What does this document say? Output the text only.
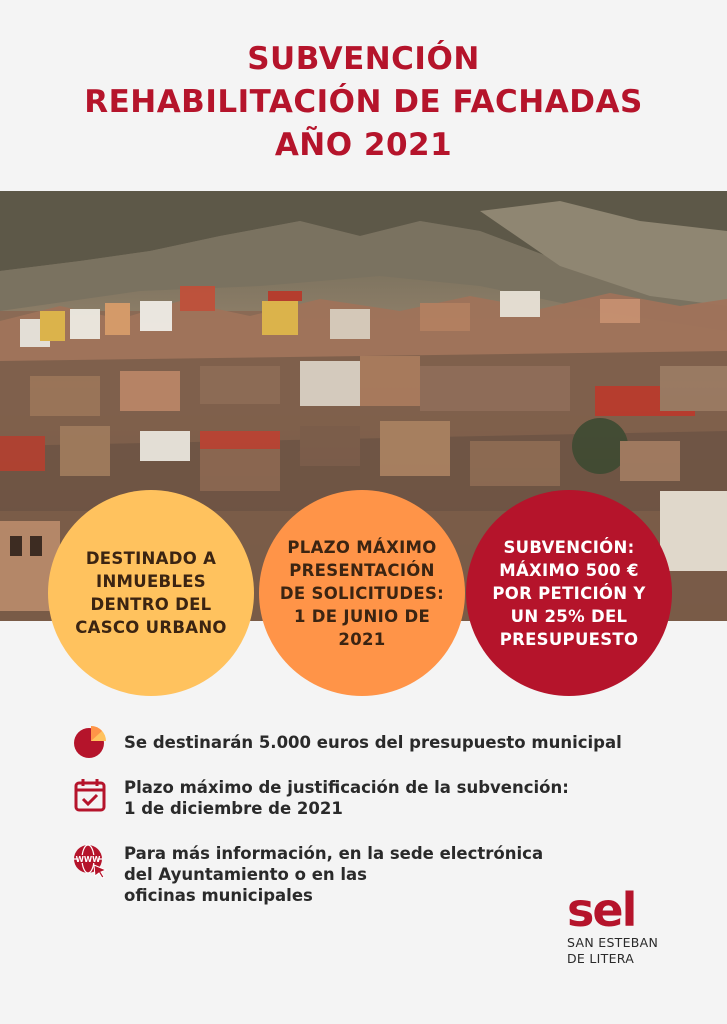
SUBVENCIÓN
REHABILITACIÓN DE FACHADAS
AÑO 2021
DESTINADO A
INMUEBLES
DENTRO DEL
CASCO URBANO
PLAZO MÁXIMO
PRESENTACIÓN
DE SOLICITUDES:
1 DE JUNIO DE
2021
SUBVENCIÓN:
MÁXIMO 500 €
POR PETICIÓN Y
UN 25% DEL
PRESUPUESTO
Se destinarán 5.000 euros del presupuesto municipal
Plazo máximo de justificación de la subvención:
1 de diciembre de 2021
WWW Para más información, en la sede electrónica
del Ayuntamiento o en las
oficinas municipales	sel
SAN ESTEBAN
DE LITERA
